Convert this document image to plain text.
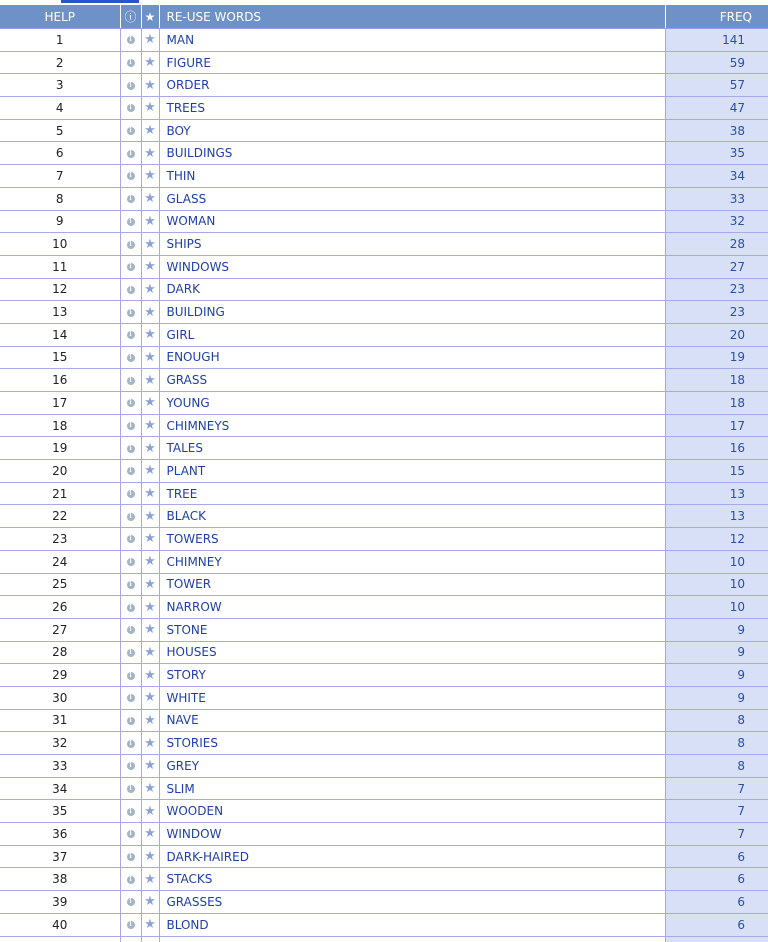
HELP	ⓘ	★	RE-USE WORDS	FREQ
1	i	★	MAN	141
2	i	★	FIGURE	59
3	i	★	ORDER	57
4	i	★	TREES	47
5	i	★	BOY	38
6	i	★	BUILDINGS	35
7	i	★	THIN	34
8	i	★	GLASS	33
9	i	★	WOMAN	32
10	i	★	SHIPS	28
11	i	★	WINDOWS	27
12	i	★	DARK	23
13	i	★	BUILDING	23
14	i	★	GIRL	20
15	i	★	ENOUGH	19
16	i	★	GRASS	18
17	i	★	YOUNG	18
18	i	★	CHIMNEYS	17
19	i	★	TALES	16
20	i	★	PLANT	15
21	i	★	TREE	13
22	i	★	BLACK	13
23	i	★	TOWERS	12
24	i	★	CHIMNEY	10
25	i	★	TOWER	10
26	i	★	NARROW	10
27	i	★	STONE	9
28	i	★	HOUSES	9
29	i	★	STORY	9
30	i	★	WHITE	9
31	i	★	NAVE	8
32	i	★	STORIES	8
33	i	★	GREY	8
34	i	★	SLIM	7
35	i	★	WOODEN	7
36	i	★	WINDOW	7
37	i	★	DARK-HAIRED	6
38	i	★	STACKS	6
39	i	★	GRASSES	6
40	i	★	BLOND	6
